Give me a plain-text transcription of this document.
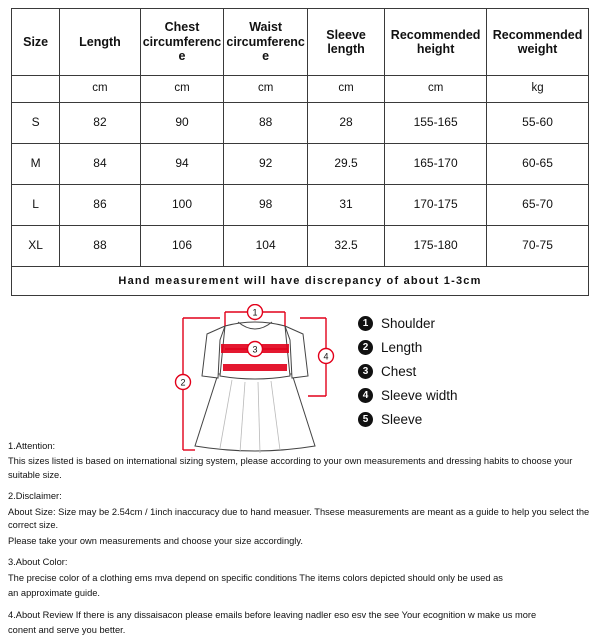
Size	Length	Chest circumference	Waist circumference	Sleeve length	Recommended height	Recommended weight
	cm	cm	cm	cm	cm	kg
S	82	90	88	28	155-165	55-60
M	84	94	92	29.5	165-170	60-65
L	86	100	98	31	170-175	65-70
XL	88	106	104	32.5	175-180	70-75
Hand measurement will have discrepancy of about 1-3cm						
1
2
3
4
1 Shoulder
2 Length
3 Chest
4 Sleeve width
5 Sleeve

1.Attention:

This sizes listed is based on international sizing system, please according to your own measurements and dressing habits to choose your suitable size.

2.Disclaimer:

About Size: Size may be 2.54cm / 1inch inaccuracy due to hand measuer. Thsese measurements are meant as a guide to help you select the correct size.

Please take your own measurements and choose your size accordingly.

3.About Color:

The precise color of a clothing ems mva depend on specific conditions The items colors depicted should only be used as

an approximate guide.

4.About Review If there is any dissaisacon please emails before leaving nadler eso esv the see Your ecognition w make us more

conent and serve you better.
